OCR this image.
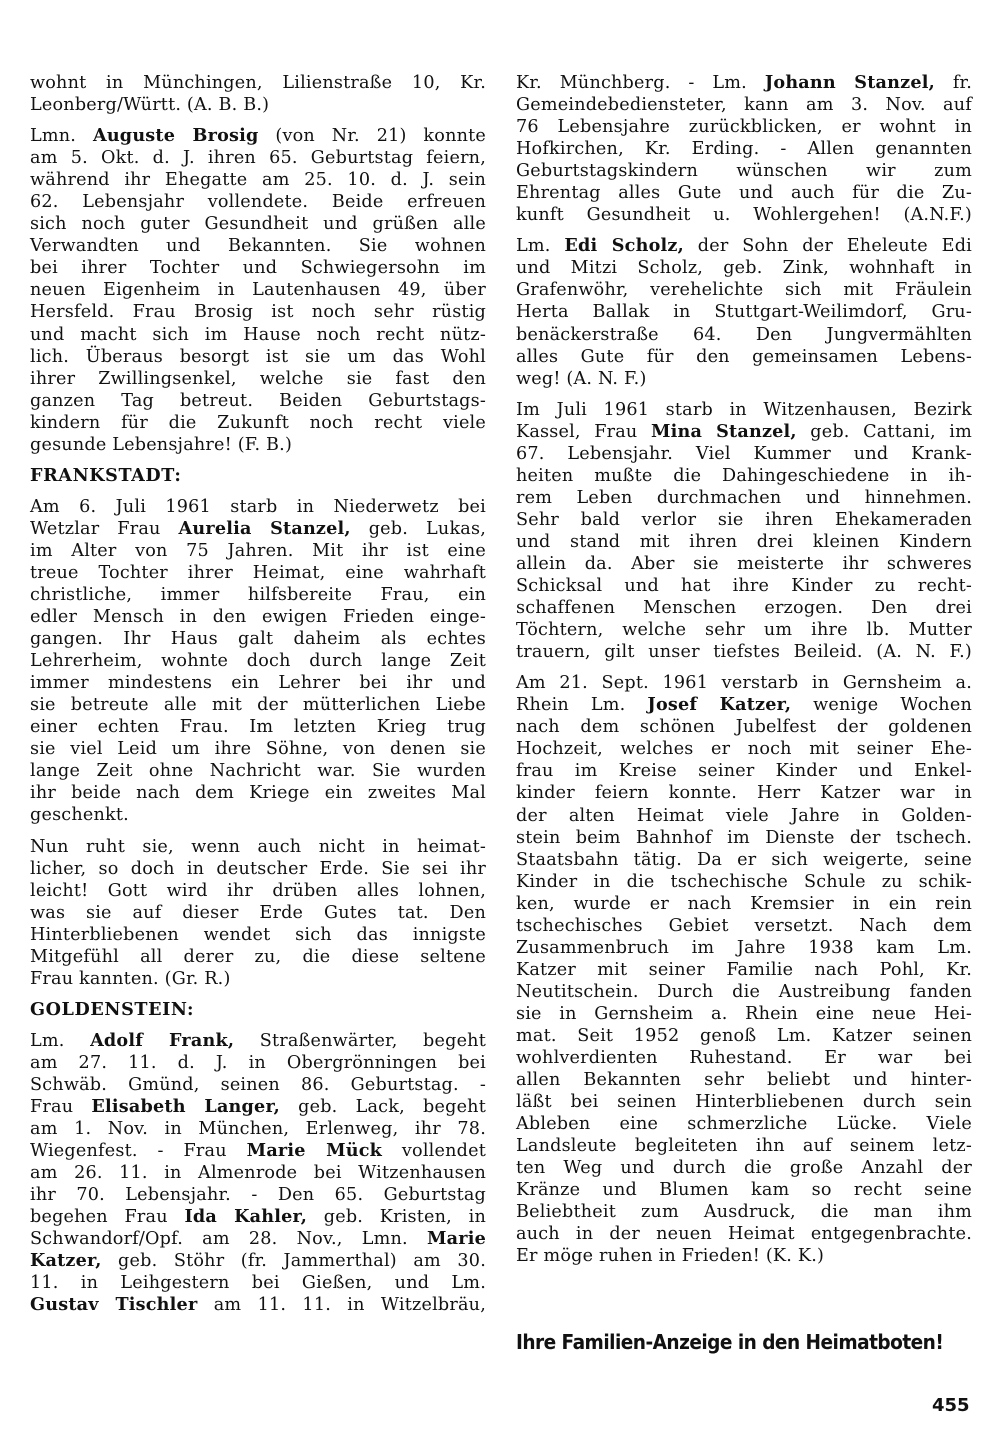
wohnt in Münchingen, Lilienstraße 10, Kr.
Leonberg/Württ. (A. B. B.)

Lmn. Auguste Brosig (von Nr. 21) konnte
am 5. Okt. d. J. ihren 65. Geburtstag feiern,
während ihr Ehegatte am 25. 10. d. J. sein
62. Lebensjahr vollendete. Beide erfreuen
sich noch guter Gesundheit und grüßen alle
Verwandten und Bekannten. Sie wohnen
bei ihrer Tochter und Schwiegersohn im
neuen Eigenheim in Lautenhausen 49, über
Hersfeld. Frau Brosig ist noch sehr rüstig
und macht sich im Hause noch recht nütz-
lich. Überaus besorgt ist sie um das Wohl
ihrer Zwillingsenkel, welche sie fast den
ganzen Tag betreut. Beiden Geburtstags-
kindern für die Zukunft noch recht viele
gesunde Lebensjahre! (F. B.)

FRANKSTADT:

Am 6. Juli 1961 starb in Niederwetz bei
Wetzlar Frau Aurelia Stanzel, geb. Lukas,
im Alter von 75 Jahren. Mit ihr ist eine
treue Tochter ihrer Heimat, eine wahrhaft
christliche, immer hilfsbereite Frau, ein
edler Mensch in den ewigen Frieden einge-
gangen. Ihr Haus galt daheim als echtes
Lehrerheim, wohnte doch durch lange Zeit
immer mindestens ein Lehrer bei ihr und
sie betreute alle mit der mütterlichen Liebe
einer echten Frau. Im letzten Krieg trug
sie viel Leid um ihre Söhne, von denen sie
lange Zeit ohne Nachricht war. Sie wurden
ihr beide nach dem Kriege ein zweites Mal
geschenkt.

Nun ruht sie, wenn auch nicht in heimat-
licher, so doch in deutscher Erde. Sie sei ihr
leicht! Gott wird ihr drüben alles lohnen,
was sie auf dieser Erde Gutes tat. Den
Hinterbliebenen wendet sich das innigste
Mitgefühl all derer zu, die diese seltene
Frau kannten. (Gr. R.)

GOLDENSTEIN:

Lm. Adolf Frank, Straßenwärter, begeht
am 27. 11. d. J. in Obergrönningen bei
Schwäb. Gmünd, seinen 86. Geburtstag. -
Frau Elisabeth Langer, geb. Lack, begeht
am 1. Nov. in München, Erlenweg, ihr 78.
Wiegenfest. - Frau Marie Mück vollendet
am 26. 11. in Almenrode bei Witzenhausen
ihr 70. Lebensjahr. - Den 65. Geburtstag
begehen Frau Ida Kahler, geb. Kristen, in
Schwandorf/Opf. am 28. Nov., Lmn. Marie
Katzer, geb. Stöhr (fr. Jammerthal) am 30.
11. in Leihgestern bei Gießen, und Lm.
Gustav Tischler am 11. 11. in Witzelbräu,

Kr. Münchberg. - Lm. Johann Stanzel, fr.
Gemeindebediensteter, kann am 3. Nov. auf
76 Lebensjahre zurückblicken, er wohnt in
Hofkirchen, Kr. Erding. - Allen genannten
Geburtstagskindern wünschen wir zum
Ehrentag alles Gute und auch für die Zu-
kunft Gesundheit u. Wohlergehen! (A.N.F.)

Lm. Edi Scholz, der Sohn der Eheleute Edi
und Mitzi Scholz, geb. Zink, wohnhaft in
Grafenwöhr, verehelichte sich mit Fräulein
Herta Ballak in Stuttgart-Weilimdorf, Gru-
benäckerstraße 64. Den Jungvermählten
alles Gute für den gemeinsamen Lebens-
weg! (A. N. F.)

Im Juli 1961 starb in Witzenhausen, Bezirk
Kassel, Frau Mina Stanzel, geb. Cattani, im
67. Lebensjahr. Viel Kummer und Krank-
heiten mußte die Dahingeschiedene in ih-
rem Leben durchmachen und hinnehmen.
Sehr bald verlor sie ihren Ehekameraden
und stand mit ihren drei kleinen Kindern
allein da. Aber sie meisterte ihr schweres
Schicksal und hat ihre Kinder zu recht-
schaffenen Menschen erzogen. Den drei
Töchtern, welche sehr um ihre lb. Mutter
trauern, gilt unser tiefstes Beileid. (A. N. F.)

Am 21. Sept. 1961 verstarb in Gernsheim a.
Rhein Lm. Josef Katzer, wenige Wochen
nach dem schönen Jubelfest der goldenen
Hochzeit, welches er noch mit seiner Ehe-
frau im Kreise seiner Kinder und Enkel-
kinder feiern konnte. Herr Katzer war in
der alten Heimat viele Jahre in Golden-
stein beim Bahnhof im Dienste der tschech.
Staatsbahn tätig. Da er sich weigerte, seine
Kinder in die tschechische Schule zu schik-
ken, wurde er nach Kremsier in ein rein
tschechisches Gebiet versetzt. Nach dem
Zusammenbruch im Jahre 1938 kam Lm.
Katzer mit seiner Familie nach Pohl, Kr.
Neutitschein. Durch die Austreibung fanden
sie in Gernsheim a. Rhein eine neue Hei-
mat. Seit 1952 genoß Lm. Katzer seinen
wohlverdienten Ruhestand. Er war bei
allen Bekannten sehr beliebt und hinter-
läßt bei seinen Hinterbliebenen durch sein
Ableben eine schmerzliche Lücke. Viele
Landsleute begleiteten ihn auf seinem letz-
ten Weg und durch die große Anzahl der
Kränze und Blumen kam so recht seine
Beliebtheit zum Ausdruck, die man ihm
auch in der neuen Heimat entgegenbrachte.
Er möge ruhen in Frieden! (K. K.)

Ihre Familien-Anzeige in den Heimatboten!
455
